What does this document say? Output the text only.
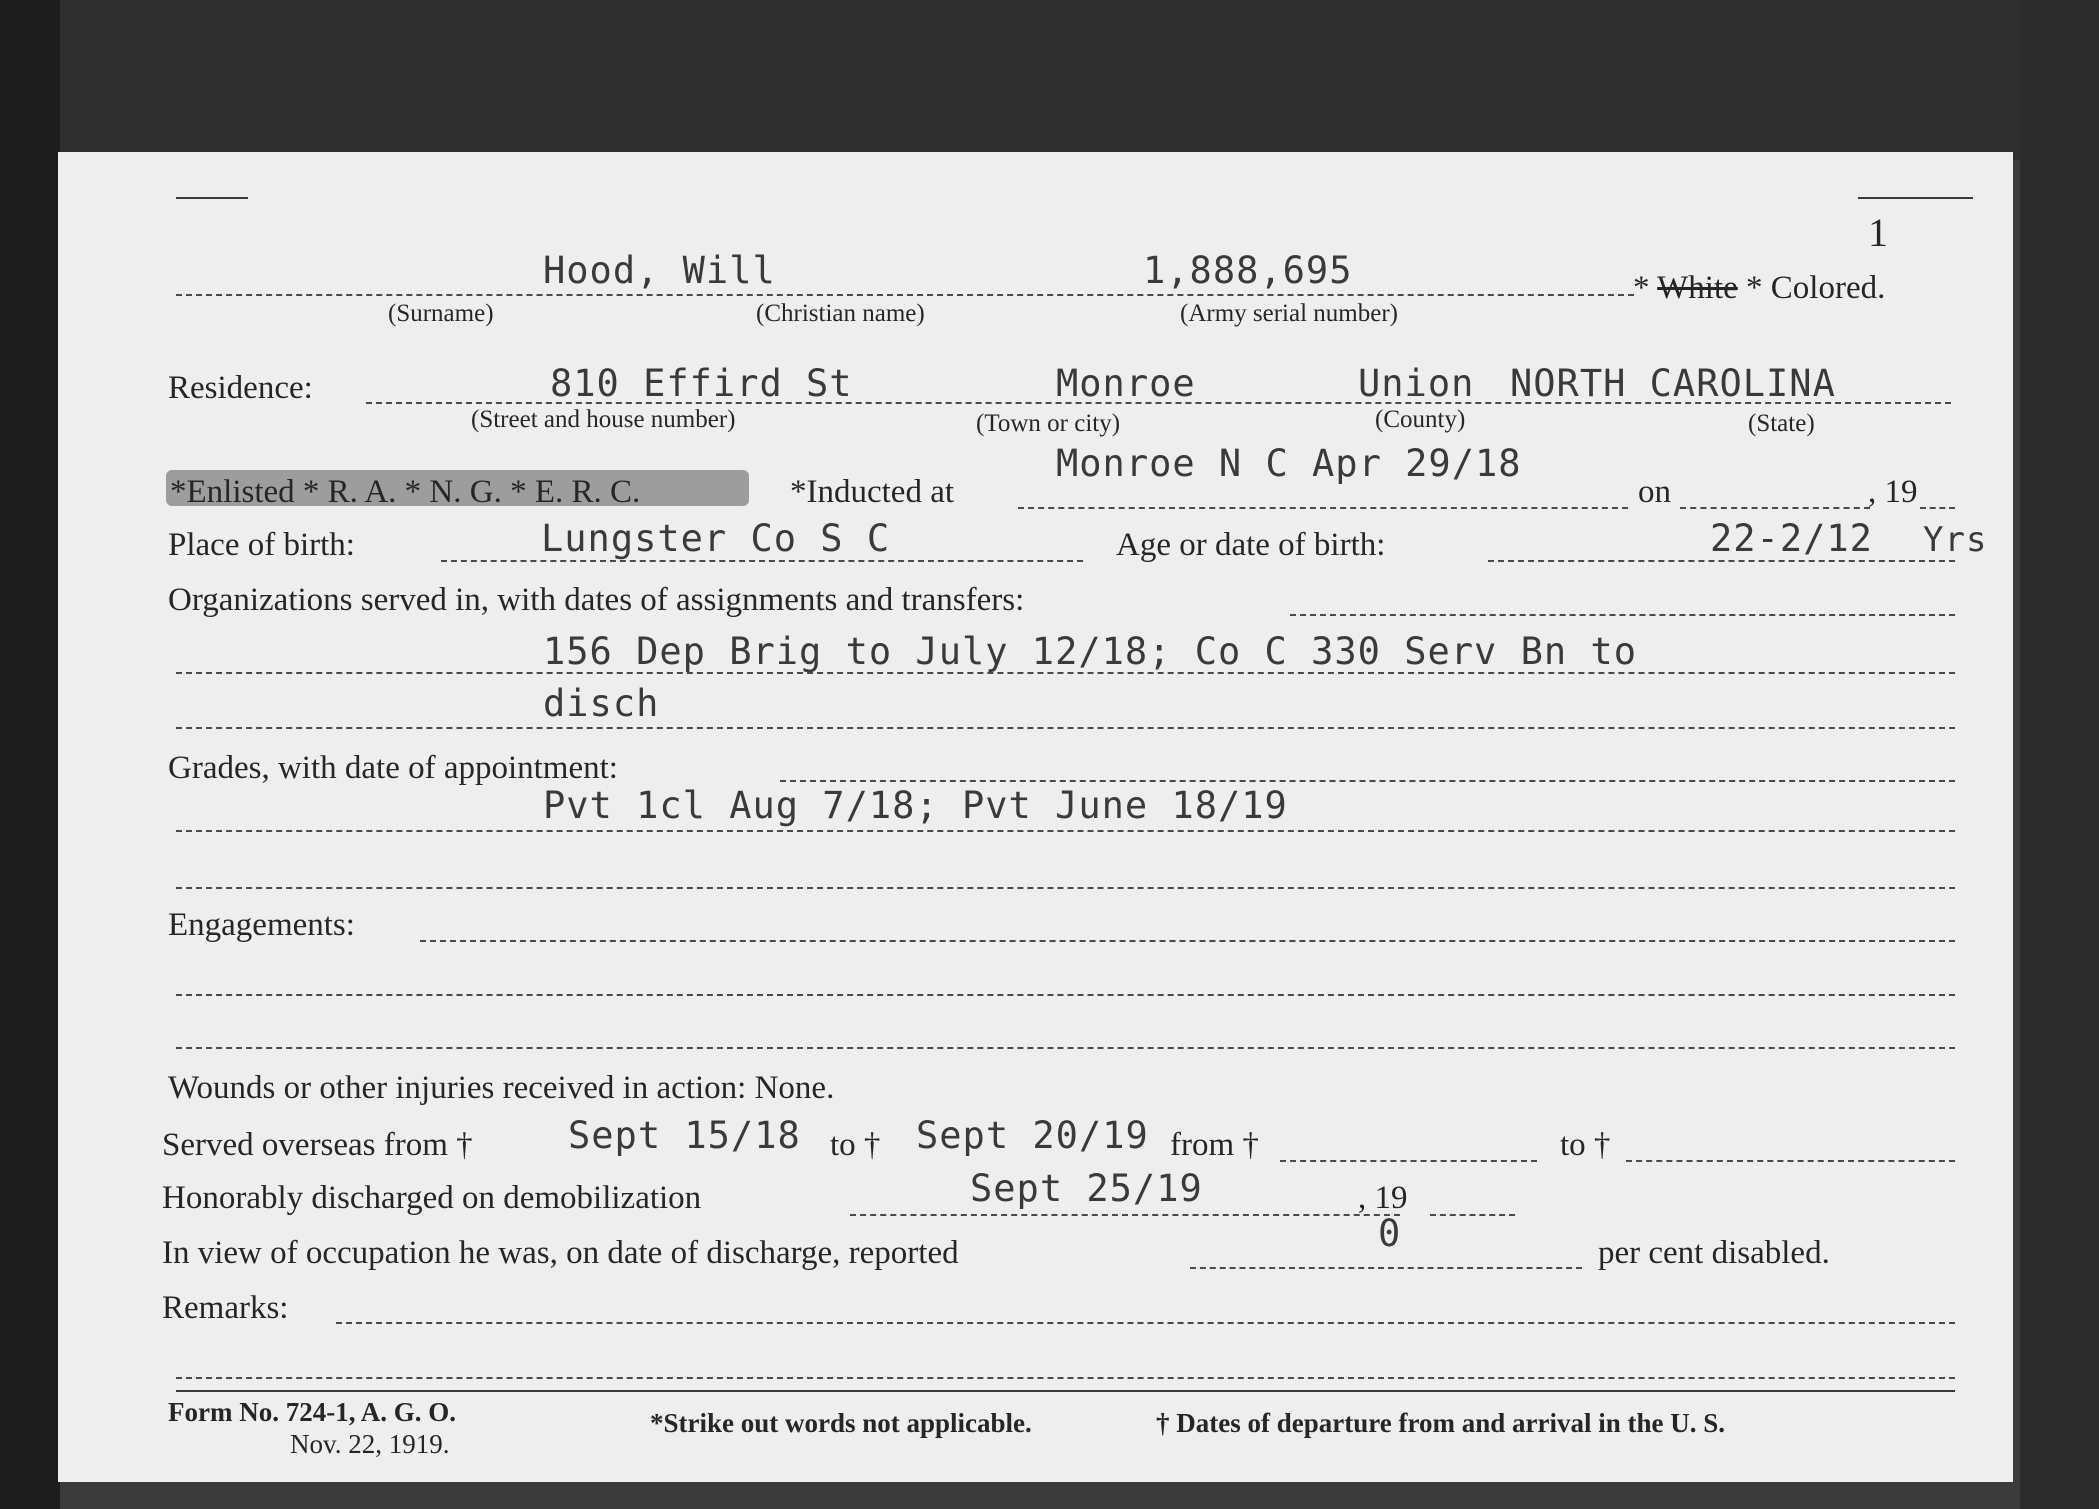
1
Hood, Will	1,888,695	* White * Colored.
(Surname)	(Christian name)	(Army serial number)
Residence:	810 Effird St	Monroe	Union NORTH CAROLINA
(Street and house number)	(Town or city)	(County)	(State)
*Enlisted * R. A. * N. G. * E. R. C.	*Inducted at
Monroe N C Apr 29/18
on	, 19
Place of birth:	Lungster Co S C	Age or date of birth:	22-2/12 Yrs
Organizations served in, with dates of assignments and transfers:
156 Dep Brig to July 12/18; Co C 330 Serv Bn to
disch
Grades, with date of appointment:
Pvt 1cl Aug 7/18; Pvt June 18/19
Engagements:
Wounds or other injuries received in action: None.
Served overseas from †	Sept 15/18 to † Sept 20/19 from †	to †
Honorably discharged on demobilization	Sept 25/19	, 19
In view of occupation he was, on date of discharge, reported	0	per cent disabled.
Remarks:
Form No. 724-1, A. G. O.
Nov. 22, 1919.
*Strike out words not applicable.	† Dates of departure from and arrival in the U. S.
